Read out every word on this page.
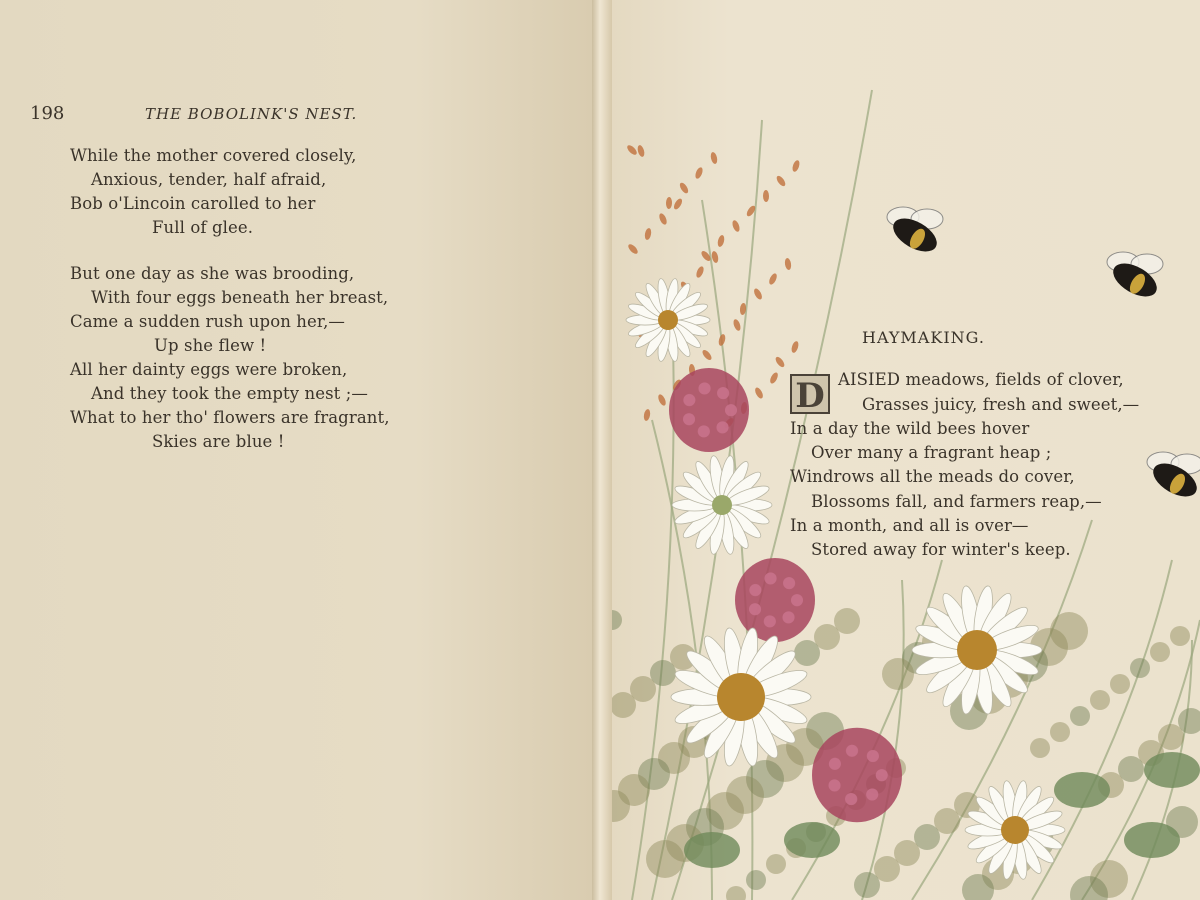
198	THE BOBOLINK'S NEST.
While the mother covered closely,
Anxious, tender, half afraid,
Bob o'Lincoin carolled to her
Full of glee.
But one day as she was brooding,
With four eggs beneath her breast,
Came a sudden rush upon her,—
Up she flew !
All her dainty eggs were broken,
And they took the empty nest ;—
What to her tho' flowers are fragrant,
Skies are blue !
HAYMAKING.
D AISIED meadows, fields of clover,
Grasses juicy, fresh and sweet,—
In a day the wild bees hover
Over many a fragrant heap ;
Windrows all the meads do cover,
Blossoms fall, and farmers reap,—
In a month, and all is over—
Stored away for winter's keep.
